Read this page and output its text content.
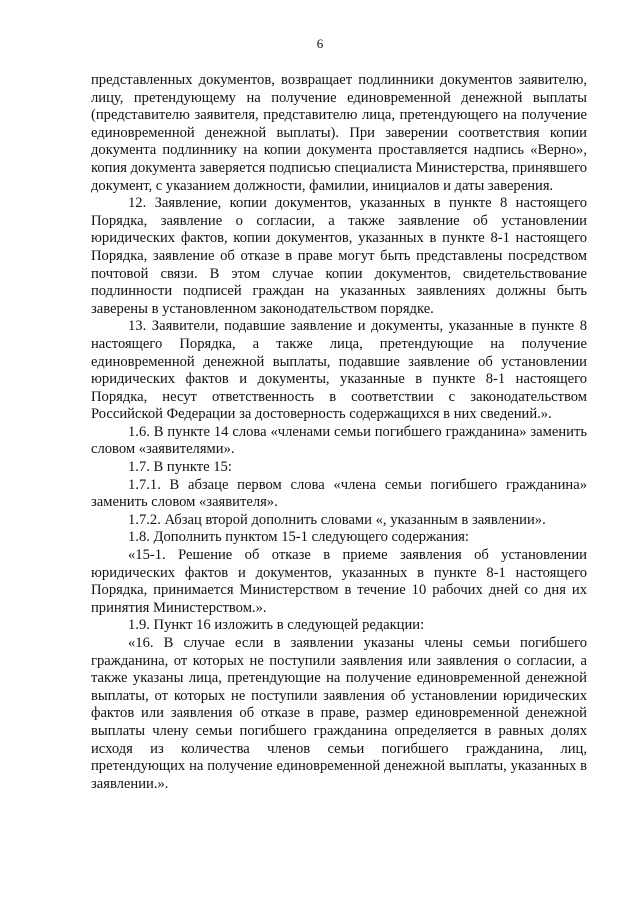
6

представленных документов, возвращает подлинники документов заявителю, лицу, претендующему на получение единовременной денежной выплаты (представителю заявителя, представителю лица, претендующего на получение единовременной денежной выплаты). При заверении соответствия копии документа подлиннику на копии документа проставляется надпись «Верно», копия документа заверяется подписью специалиста Министерства, принявшего документ, с указанием должности, фамилии, инициалов и даты заверения.

12. Заявление, копии документов, указанных в пункте 8 настоящего Порядка, заявление о согласии, а также заявление об установлении юридических фактов, копии документов, указанных в пункте 8-1 настоящего Порядка, заявление об отказе в праве могут быть представлены посредством почтовой связи. В этом случае копии документов, свидетельствование подлинности подписей граждан на указанных заявлениях должны быть заверены в установленном законодательством порядке.

13. Заявители, подавшие заявление и документы, указанные в пункте 8 настоящего Порядка, а также лица, претендующие на получение единовременной денежной выплаты, подавшие заявление об установлении юридических фактов и документы, указанные в пункте 8-1 настоящего Порядка, несут ответственность в соответствии с законодательством Российской Федерации за достоверность содержащихся в них сведений.».

1.6. В пункте 14 слова «членами семьи погибшего гражданина» заменить словом «заявителями».

1.7. В пункте 15:

1.7.1. В абзаце первом слова «члена семьи погибшего гражданина» заменить словом «заявителя».

1.7.2. Абзац второй дополнить словами «, указанным в заявлении».

1.8. Дополнить пунктом 15-1 следующего содержания:

«15-1. Решение об отказе в приеме заявления об установлении юридических фактов и документов, указанных в пункте 8-1 настоящего Порядка, принимается Министерством в течение 10 рабочих дней со дня их принятия Министерством.».

1.9. Пункт 16 изложить в следующей редакции:

«16. В случае если в заявлении указаны члены семьи погибшего гражданина, от которых не поступили заявления или заявления о согласии, а также указаны лица, претендующие на получение единовременной денежной выплаты, от которых не поступили заявления об установлении юридических фактов или заявления об отказе в праве, размер единовременной денежной выплаты члену семьи погибшего гражданина определяется в равных долях исходя из количества членов семьи погибшего гражданина, лиц, претендующих на получение единовременной денежной выплаты, указанных в заявлении.».
